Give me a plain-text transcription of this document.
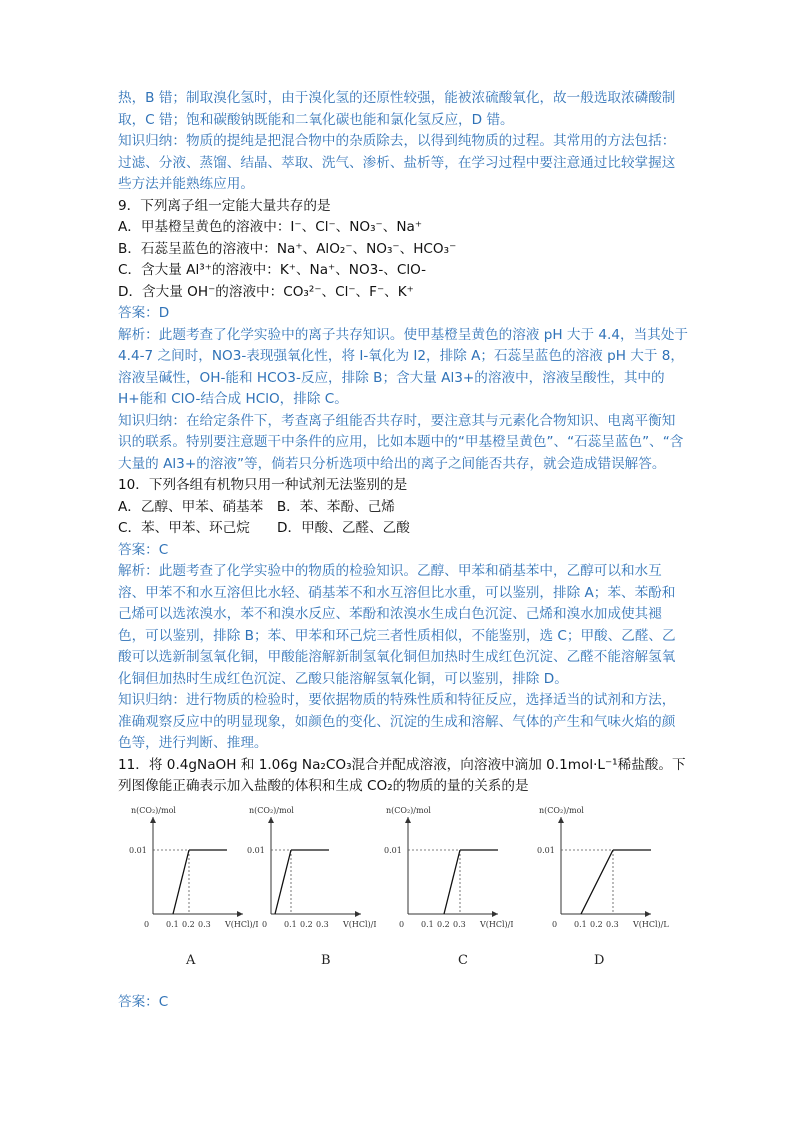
热，B 错；制取溴化氢时，由于溴化氢的还原性较强，能被浓硫酸氧化，故一般选取浓磷酸制取，C 错；饱和碳酸钠既能和二氧化碳也能和氯化氢反应，D 错。

知识归纳：物质的提纯是把混合物中的杂质除去，以得到纯物质的过程。其常用的方法包括：过滤、分液、蒸馏、结晶、萃取、洗气、渗析、盐析等，在学习过程中要注意通过比较掌握这些方法并能熟练应用。

9．下列离子组一定能大量共存的是

A．甲基橙呈黄色的溶液中：I⁻、Cl⁻、NO₃⁻、Na⁺

B．石蕊呈蓝色的溶液中：Na⁺、AlO₂⁻、NO₃⁻、HCO₃⁻

C．含大量 Al³⁺的溶液中：K⁺、Na⁺、NO3-、ClO-

D．含大量 OH⁻的溶液中：CO₃²⁻、Cl⁻、F⁻、K⁺

答案：D

解析：此题考查了化学实验中的离子共存知识。使甲基橙呈黄色的溶液 pH 大于 4.4，当其处于 4.4-7 之间时，NO3-表现强氧化性，将 I-氧化为 I2，排除 A；石蕊呈蓝色的溶液 pH 大于 8，溶液呈碱性，OH-能和 HCO3-反应，排除 B；含大量 Al3+的溶液中，溶液呈酸性，其中的 H+能和 ClO-结合成 HClO，排除 C。

知识归纳：在给定条件下，考查离子组能否共存时，要注意其与元素化合物知识、电离平衡知识的联系。特别要注意题干中条件的应用，比如本题中的“甲基橙呈黄色”、“石蕊呈蓝色”、“含大量的 Al3+的溶液”等，倘若只分析选项中给出的离子之间能否共存，就会造成错误解答。

10．下列各组有机物只用一种试剂无法鉴别的是

A．乙醇、甲苯、硝基苯　B．苯、苯酚、己烯

C．苯、甲苯、环己烷　　D．甲酸、乙醛、乙酸

答案：C

解析：此题考查了化学实验中的物质的检验知识。乙醇、甲苯和硝基苯中，乙醇可以和水互溶、甲苯不和水互溶但比水轻、硝基苯不和水互溶但比水重，可以鉴别，排除 A；苯、苯酚和己烯可以选浓溴水，苯不和溴水反应、苯酚和浓溴水生成白色沉淀、己烯和溴水加成使其褪色，可以鉴别，排除 B；苯、甲苯和环己烷三者性质相似，不能鉴别，选 C；甲酸、乙醛、乙酸可以选新制氢氧化铜，甲酸能溶解新制氢氧化铜但加热时生成红色沉淀、乙醛不能溶解氢氧化铜但加热时生成红色沉淀、乙酸只能溶解氢氧化铜，可以鉴别，排除 D。

知识归纳：进行物质的检验时，要依据物质的特殊性质和特征反应，选择适当的试剂和方法，准确观察反应中的明显现象，如颜色的变化、沉淀的生成和溶解、气体的产生和气味火焰的颜色等，进行判断、推理。

11．将 0.4gNaOH 和 1.06g Na₂CO₃混合并配成溶液，向溶液中滴加 0.1mol·L⁻¹稀盐酸。下列图像能正确表示加入盐酸的体积和生成 CO₂的物质的量的关系的是

n(CO₂)/mol
0.01
0 0.1 0.2 0.3 V(HCl)/L
n(CO₂)/mol
0.01
0 0.1 0.2 0.3 V(HCl)/L
n(CO₂)/mol
0.01
0 0.1 0.2 0.3 V(HCl)/L
n(CO₂)/mol
0.01
0 0.1 0.2 0.3 V(HCl)/L
A	B	C	D

答案：C
